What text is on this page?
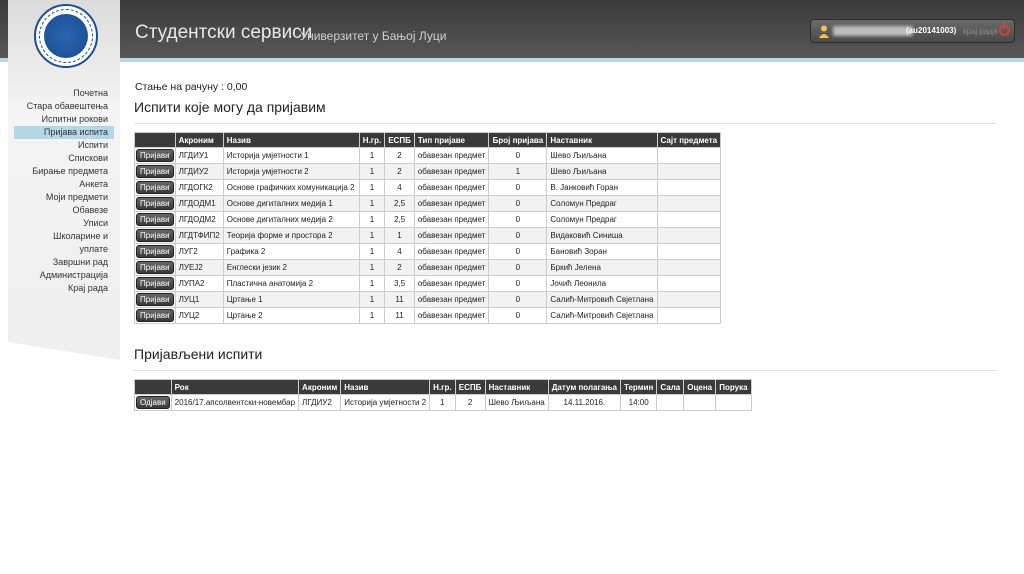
Студентски сервиси
Универзитет у Бањој Луци	(au20141003) крај рада
Почетна
Стара обавештења
Испитни рокови
Пријава испита
Испити
Спискови
Бирање предмета
Анкета
Моји предмети
Обавезе
Уписи
Школарине и уплате
Завршни рад
Администрација
Крај рада
Стање на рачуну : 0,00
Испити које могу да пријавим
	Акроним	Назив	Н.гр.	ЕСПБ	Тип пријаве	Број пријава	Наставник	Сајт предмета
Пријави	ЛГДИУ1	Историја умјетности 1	1	2	обавезан предмет	0	Шево Љиљана	
Пријави	ЛГДИУ2	Историја умјетности 2	1	2	обавезан предмет	1	Шево Љиљана	
Пријави	ЛГДОГК2	Основе графичких комуникација 2	1	4	обавезан предмет	0	В. Јанковић Горан	
Пријави	ЛГДОДМ1	Основе дигиталних медија 1	1	2,5	обавезан предмет	0	Соломун Предраг	
Пријави	ЛГДОДМ2	Основе дигиталних медија 2	1	2,5	обавезан предмет	0	Соломун Предраг	
Пријави	ЛГДТФИП2	Теорија форме и простора 2	1	1	обавезан предмет	0	Видаковић Синиша	
Пријави	ЛУГ2	Графика 2	1	4	обавезан предмет	0	Бановић Зоран	
Пријави	ЛУЕЈ2	Енглески језик 2	1	2	обавезан предмет	0	Бркић Јелена	
Пријави	ЛУПА2	Пластична анатомија 2	1	3,5	обавезан предмет	0	Јочић Леонила	
Пријави	ЛУЦ1	Цртање 1	1	11	обавезан предмет	0	Салић-Митровић Свјетлана	
Пријави	ЛУЦ2	Цртање 2	1	11	обавезан предмет	0	Салић-Митровић Свјетлана	
Пријављени испити
	Рок	Акроним	Назив	Н.гр.	ЕСПБ	Наставник	Датум полагања	Термин	Сала	Оцена	Порука
Одјави	2016/17.апсолвентски-новембар	ЛГДИУ2	Историја умјетности 2	1	2	Шево Љиљана	14.11.2016.	14:00			
